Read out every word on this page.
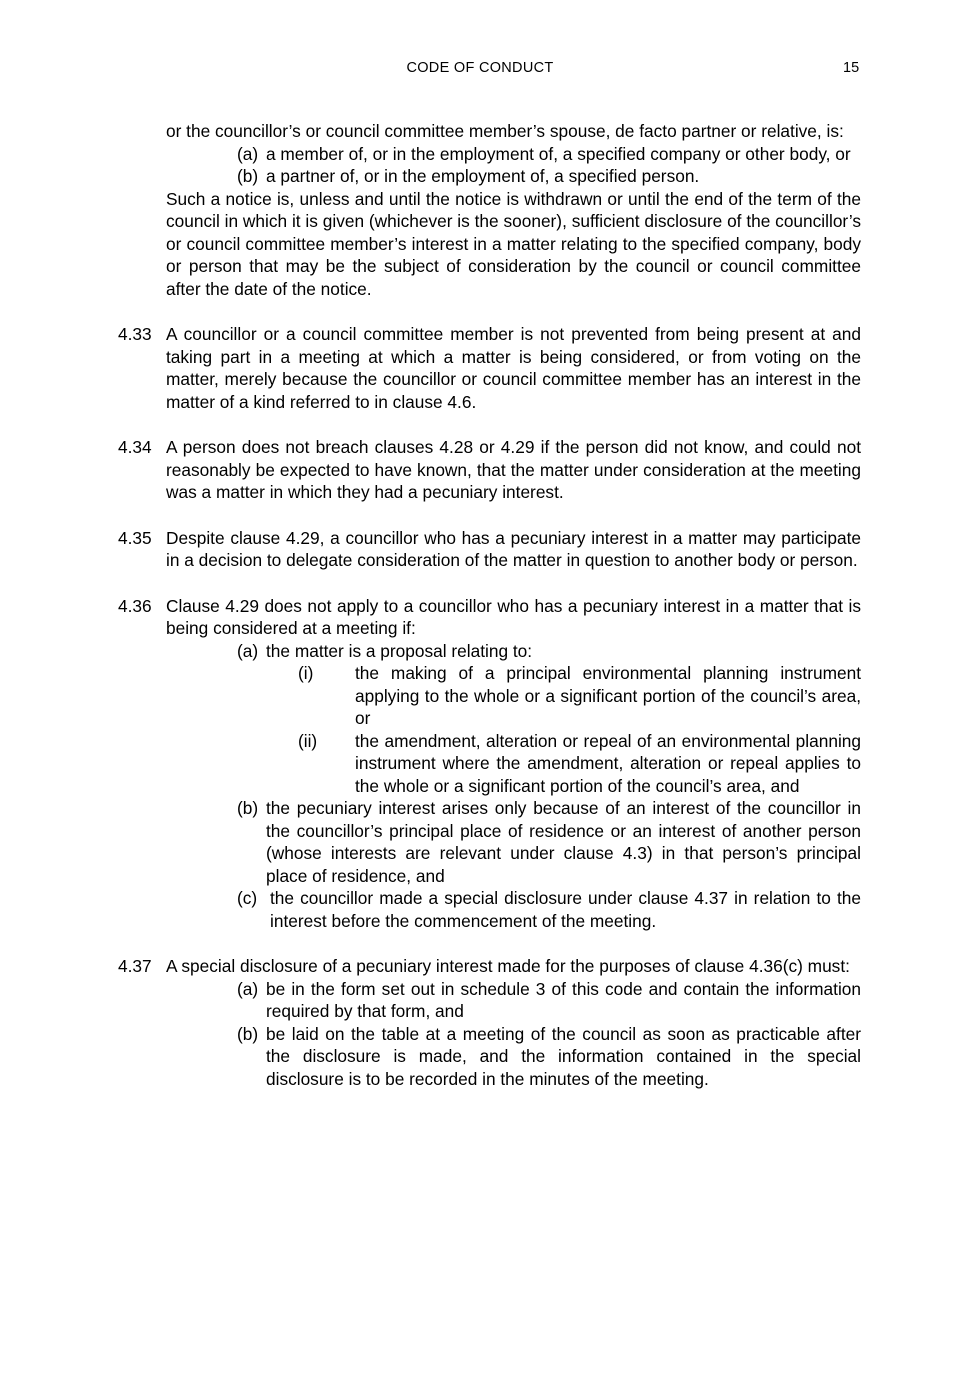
CODE OF CONDUCT	15
or the councillor’s or council committee member’s spouse, de facto partner or relative, is:
(a) a member of, or in the employment of, a specified company or other body, or
(b) a partner of, or in the employment of, a specified person.
Such a notice is, unless and until the notice is withdrawn or until the end of the term of the council in which it is given (whichever is the sooner), sufficient disclosure of the councillor’s or council committee member’s interest in a matter relating to the specified company, body or person that may be the subject of consideration by the council or council committee after the date of the notice.
4.33 A councillor or a council committee member is not prevented from being present at and taking part in a meeting at which a matter is being considered, or from voting on the matter, merely because the councillor or council committee member has an interest in the matter of a kind referred to in clause 4.6.
4.34 A person does not breach clauses 4.28 or 4.29 if the person did not know, and could not reasonably be expected to have known, that the matter under consideration at the meeting was a matter in which they had a pecuniary interest.
4.35 Despite clause 4.29, a councillor who has a pecuniary interest in a matter may participate in a decision to delegate consideration of the matter in question to another body or person.
4.36 Clause 4.29 does not apply to a councillor who has a pecuniary interest in a matter that is being considered at a meeting if:
(a) the matter is a proposal relating to:
(i) the making of a principal environmental planning instrument applying to the whole or a significant portion of the council’s area, or
(ii) the amendment, alteration or repeal of an environmental planning instrument where the amendment, alteration or repeal applies to the whole or a significant portion of the council’s area, and
(b) the pecuniary interest arises only because of an interest of the councillor in the councillor’s principal place of residence or an interest of another person (whose interests are relevant under clause 4.3) in that person’s principal place of residence, and
(c) the councillor made a special disclosure under clause 4.37 in relation to the interest before the commencement of the meeting.
4.37 A special disclosure of a pecuniary interest made for the purposes of clause 4.36(c) must:
(a) be in the form set out in schedule 3 of this code and contain the information required by that form, and
(b) be laid on the table at a meeting of the council as soon as practicable after the disclosure is made, and the information contained in the special disclosure is to be recorded in the minutes of the meeting.
